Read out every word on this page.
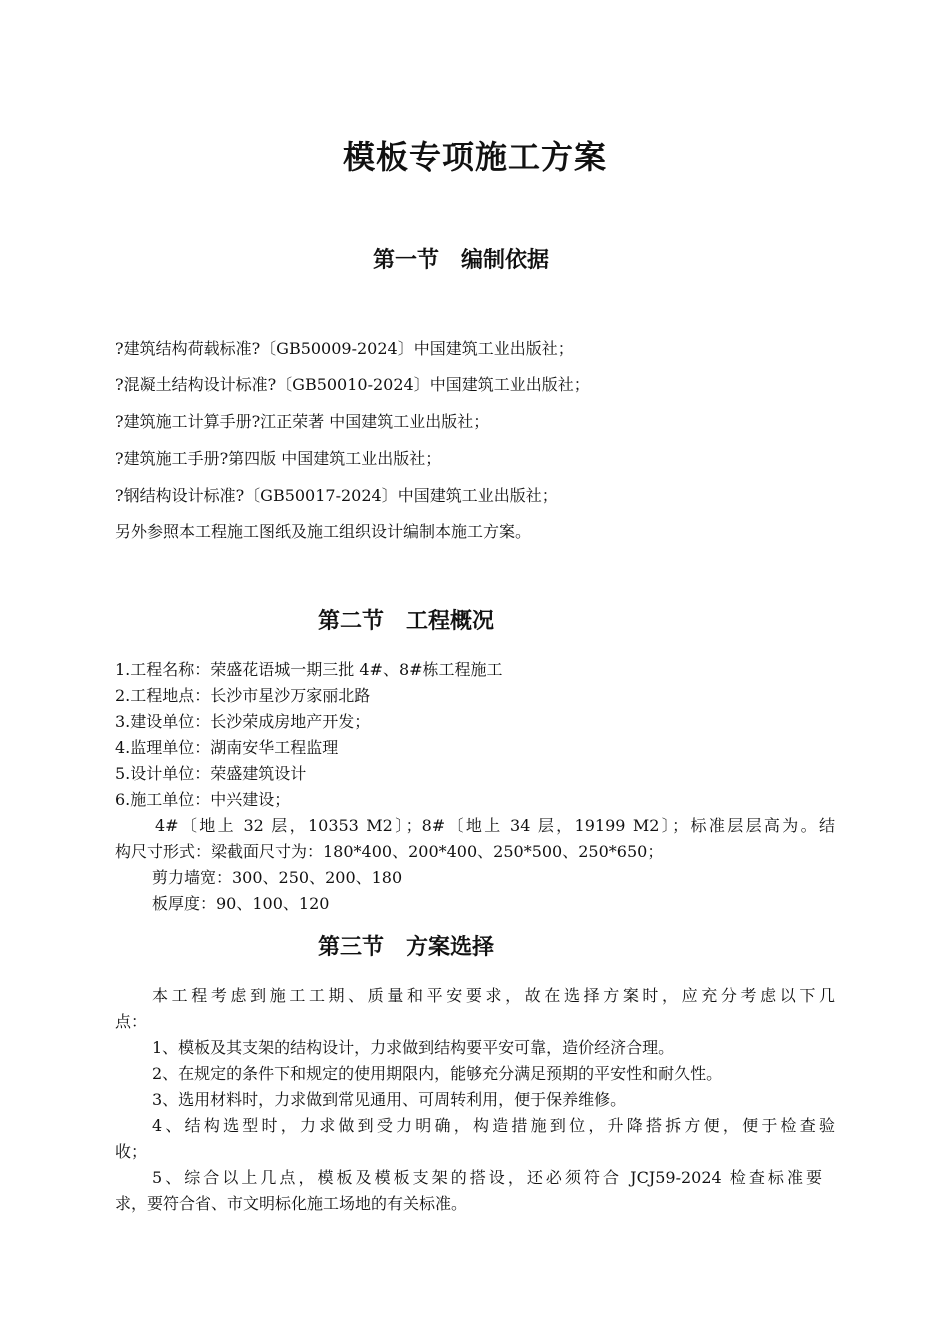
模板专项施工方案
第一节　编制依据

?建筑结构荷载标准?〔GB50009-2024〕中国建筑工业出版社；

?混凝土结构设计标准?〔GB50010-2024〕中国建筑工业出版社；

?建筑施工计算手册?江正荣著 中国建筑工业出版社；

?建筑施工手册?第四版 中国建筑工业出版社；

?钢结构设计标准?〔GB50017-2024〕中国建筑工业出版社；

另外参照本工程施工图纸及施工组织设计编制本施工方案。

第二节　工程概况

1.工程名称：荣盛花语城一期三批 4#、8#栋工程施工

2.工程地点：长沙市星沙万家丽北路

3.建设单位：长沙荣成房地产开发；

4.监理单位：湖南安华工程监理

5.设计单位：荣盛建筑设计

6.施工单位：中兴建设；

4#〔地上 32 层，10353 M2〕；8#〔地上 34 层，19199 M2〕；标准层层高为。结

构尺寸形式：梁截面尺寸为：180*400、200*400、250*500、250*650；

剪力墙宽：300、250、200、180

板厚度：90、100、120

第三节　方案选择

本工程考虑到施工工期、质量和平安要求，故在选择方案时，应充分考虑以下几

点：

1、模板及其支架的结构设计，力求做到结构要平安可靠，造价经济合理。

2、在规定的条件下和规定的使用期限内，能够充分满足预期的平安性和耐久性。

3、选用材料时，力求做到常见通用、可周转利用，便于保养维修。

4、结构选型时，力求做到受力明确，构造措施到位，升降搭拆方便，便于检查验

收；

5、综合以上几点，模板及模板支架的搭设，还必须符合 JCJ59-2024 检查标准要

求，要符合省、市文明标化施工场地的有关标准。
